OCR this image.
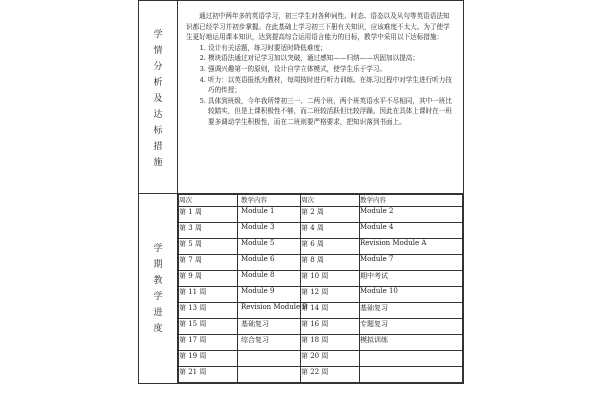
学情分析及达标措施

通过初中两年多的英语学习，初三学生对各种词性、时态、语态以及从句等英语语法知识都已经学习并初步掌握。在此基础上学习初三下册有关知识，应该难度不太大。为了使学生更好地运用课本知识，达到提高综合运用语言能力的目标，教学中采用以下达标措施：

1. 设计有关话题，练习时要适时降低难度；
2. 模块语法通过对记学习加以突破，通过感知——归纳——巩固加以提高；
3. 强调兴趣第一的原则，设计自学立体模式，使学生乐于学习。
4. 听力：以英语报纸为教材，每周按时进行听力训练。在练习过程中对学生进行听力技巧的传授；
5. 具体到班级，今年我所带初三一、二两个班，两个班英语水平不尽相同，其中一班比较踏实，但是上课积极性不够，而二班较活跃但比较浮躁。因此在具体上课时在一班要多调动学生积极性，而在二班则要严格要求，把知识落到书面上。

学期教学进度

周次	教学内容	周次	教学内容
第 1 周	Module 1	第 2 周	Module 2
第 3 周	Module 3	第 4 周	Module 4
第 5 周	Module 5	第 6 周	Revision Module A
第 7 周	Module 6	第 8 周	Module 7
第 9 周	Module 8	第 10 周	期中考试
第 11 周	Module 9	第 12 周	Module 10
第 13 周	Revision Module B	第 14 周	基础复习
第 15 周	基础复习	第 16 周	专题复习
第 17 周	综合复习	第 18 周	模拟训练
第 19 周		第 20 周	
第 21 周		第 22 周	
